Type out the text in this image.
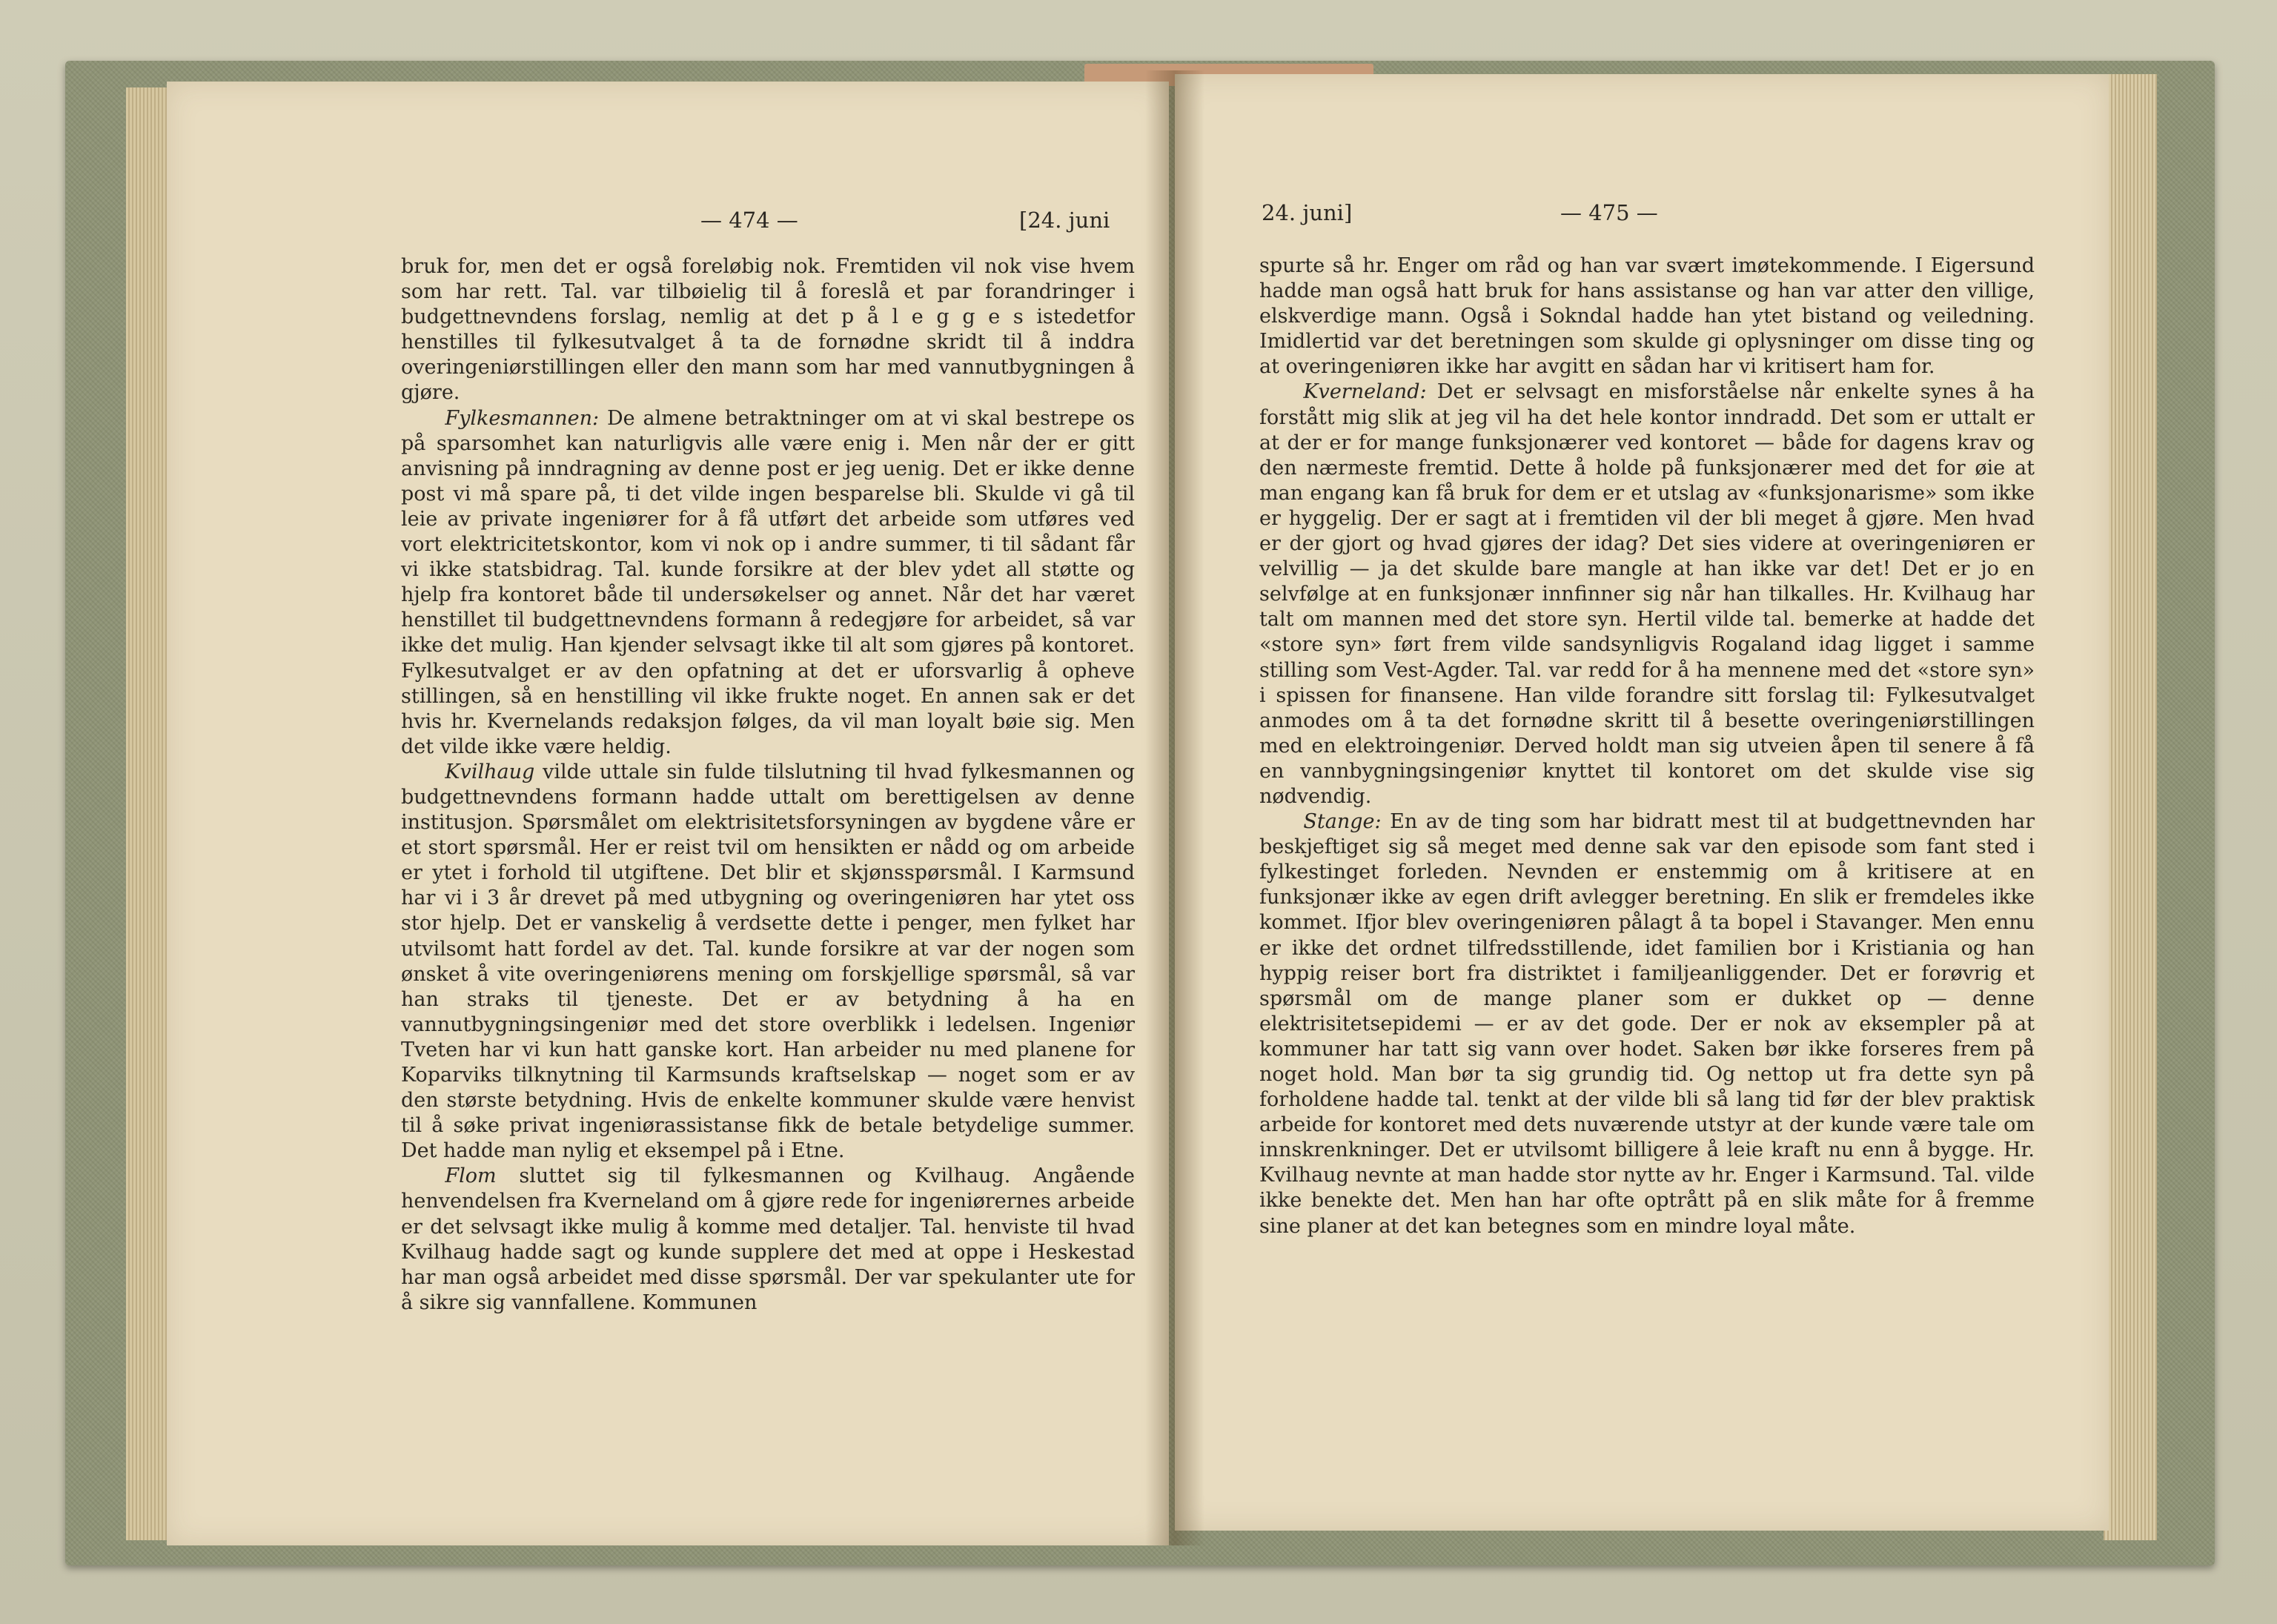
— 474 —	[24. juni

bruk for, men det er også foreløbig nok. Fremtiden vil nok vise hvem som har rett. Tal. var tilbøielig til å foreslå et par forandringer i budgettnevndens forslag, nemlig at det p å l e g g e s istedetfor henstilles til fylkesutvalget å ta de fornødne skridt til å inddra overingeniørstillingen eller den mann som har med vannutbygningen å gjøre.

Fylkesmannen: De almene betraktninger om at vi skal bestrepe os på sparsomhet kan naturligvis alle være enig i. Men når der er gitt anvisning på inndragning av denne post er jeg uenig. Det er ikke denne post vi må spare på, ti det vilde ingen besparelse bli. Skulde vi gå til leie av private ingeniører for å få utført det arbeide som utføres ved vort elektricitetskontor, kom vi nok op i andre summer, ti til sådant får vi ikke statsbidrag. Tal. kunde forsikre at der blev ydet all støtte og hjelp fra kontoret både til undersøkelser og annet. Når det har været henstillet til budgettnevndens formann å redegjøre for arbeidet, så var ikke det mulig. Han kjender selvsagt ikke til alt som gjøres på kontoret. Fylkesutvalget er av den opfatning at det er uforsvarlig å opheve stillingen, så en henstilling vil ikke frukte noget. En annen sak er det hvis hr. Kvernelands redaksjon følges, da vil man loyalt bøie sig. Men det vilde ikke være heldig.

Kvilhaug vilde uttale sin fulde tilslutning til hvad fylkesmannen og budgettnevndens formann hadde uttalt om berettigelsen av denne institusjon. Spørsmålet om elektrisitetsforsyningen av bygdene våre er et stort spørsmål. Her er reist tvil om hensikten er nådd og om arbeide er ytet i forhold til utgiftene. Det blir et skjønsspørsmål. I Karmsund har vi i 3 år drevet på med utbygning og overingeniøren har ytet oss stor hjelp. Det er vanskelig å verdsette dette i penger, men fylket har utvilsomt hatt fordel av det. Tal. kunde forsikre at var der nogen som ønsket å vite overingeniørens mening om forskjellige spørsmål, så var han straks til tjeneste. Det er av betydning å ha en vannutbygningsingeniør med det store overblikk i ledelsen. Ingeniør Tveten har vi kun hatt ganske kort. Han arbeider nu med planene for Koparviks tilknytning til Karmsunds kraftselskap — noget som er av den største betydning. Hvis de enkelte kommuner skulde være henvist til å søke privat ingeniørassistanse fikk de betale betydelige summer. Det hadde man nylig et eksempel på i Etne.

Flom sluttet sig til fylkesmannen og Kvilhaug. Angående henvendelsen fra Kverneland om å gjøre rede for ingeniørernes arbeide er det selvsagt ikke mulig å komme med detaljer. Tal. henviste til hvad Kvilhaug hadde sagt og kunde supplere det med at oppe i Heskestad har man også arbeidet med disse spørsmål. Der var spekulanter ute for å sikre sig vannfallene. Kommunen

24. juni]	— 475 —

spurte så hr. Enger om råd og han var svært imøtekommende. I Eigersund hadde man også hatt bruk for hans assistanse og han var atter den villige, elskverdige mann. Også i Sokndal hadde han ytet bistand og veiledning. Imidlertid var det beretningen som skulde gi oplysninger om disse ting og at overingeniøren ikke har avgitt en sådan har vi kritisert ham for.

Kverneland: Det er selvsagt en misforståelse når enkelte synes å ha forstått mig slik at jeg vil ha det hele kontor inndradd. Det som er uttalt er at der er for mange funksjonærer ved kontoret — både for dagens krav og den nærmeste fremtid. Dette å holde på funksjonærer med det for øie at man engang kan få bruk for dem er et utslag av «funksjonarisme» som ikke er hyggelig. Der er sagt at i fremtiden vil der bli meget å gjøre. Men hvad er der gjort og hvad gjøres der idag? Det sies videre at overingeniøren er velvillig — ja det skulde bare mangle at han ikke var det! Det er jo en selvfølge at en funksjonær innfinner sig når han tilkalles. Hr. Kvilhaug har talt om mannen med det store syn. Hertil vilde tal. bemerke at hadde det «store syn» ført frem vilde sandsynligvis Rogaland idag ligget i samme stilling som Vest-Agder. Tal. var redd for å ha mennene med det «store syn» i spissen for finansene. Han vilde forandre sitt forslag til: Fylkesutvalget anmodes om å ta det fornødne skritt til å besette overingeniørstillingen med en elektroingeniør. Derved holdt man sig utveien åpen til senere å få en vannbygningsingeniør knyttet til kontoret om det skulde vise sig nødvendig.

Stange: En av de ting som har bidratt mest til at budgettnevnden har beskjeftiget sig så meget med denne sak var den episode som fant sted i fylkestinget forleden. Nevnden er enstemmig om å kritisere at en funksjonær ikke av egen drift avlegger beretning. En slik er fremdeles ikke kommet. Ifjor blev overingeniøren pålagt å ta bopel i Stavanger. Men ennu er ikke det ordnet tilfredsstillende, idet familien bor i Kristiania og han hyppig reiser bort fra distriktet i familjeanliggender. Det er forøvrig et spørsmål om de mange planer som er dukket op — denne elektrisitetsepidemi — er av det gode. Der er nok av eksempler på at kommuner har tatt sig vann over hodet. Saken bør ikke forseres frem på noget hold. Man bør ta sig grundig tid. Og nettop ut fra dette syn på forholdene hadde tal. tenkt at der vilde bli så lang tid før der blev praktisk arbeide for kontoret med dets nuværende utstyr at der kunde være tale om innskrenkninger. Det er utvilsomt billigere å leie kraft nu enn å bygge. Hr. Kvilhaug nevnte at man hadde stor nytte av hr. Enger i Karmsund. Tal. vilde ikke benekte det. Men han har ofte optrått på en slik måte for å fremme sine planer at det kan betegnes som en mindre loyal måte.
